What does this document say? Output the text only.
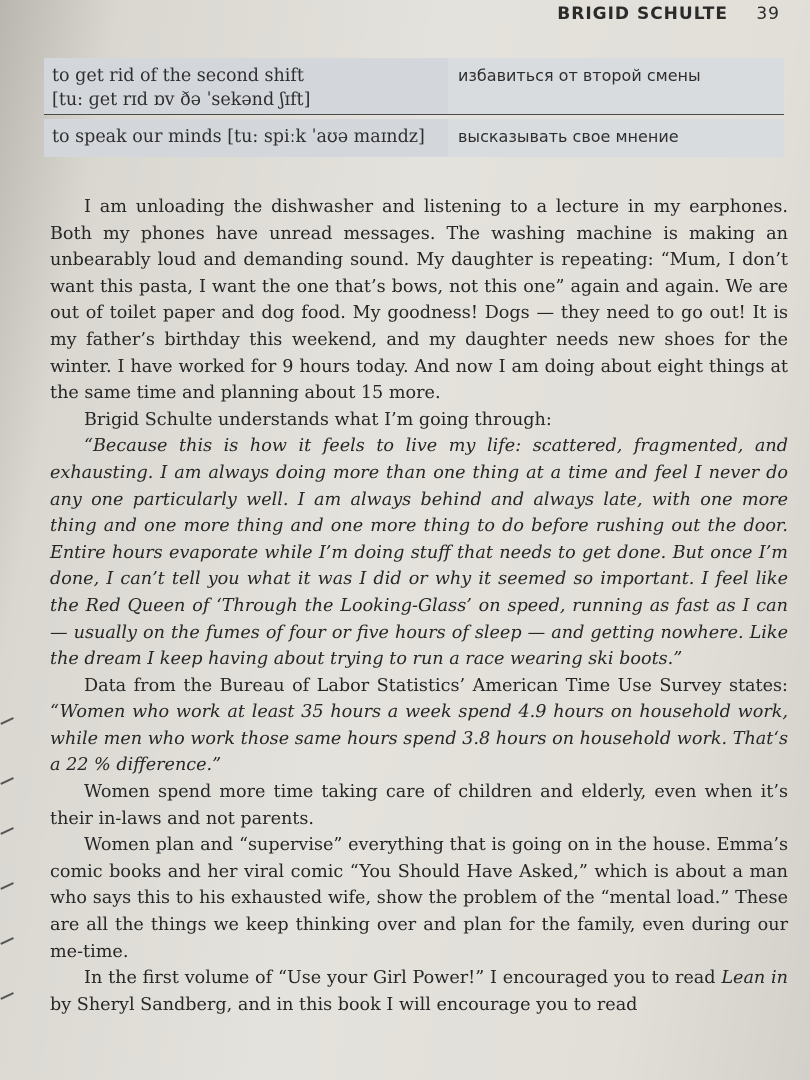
BRIGID SCHULTE 39
to get rid of the second shift
[tu: ɡet rɪd ɒv ðə ˈsekənd ʃɪft]
избавиться от второй смены
to speak our minds [tu: spiːk ˈaʊə maɪndz]	высказывать свое мнение

I am unloading the dishwasher and listening to a lecture in my earphones. Both my phones have unread messages. The washing machine is making an unbearably loud and demanding sound. My daughter is repeating: “Mum, I don’t want this pasta, I want the one that’s bows, not this one” again and again. We are out of toilet paper and dog food. My goodness! Dogs — they need to go out! It is my father’s birthday this weekend, and my daughter needs new shoes for the winter. I have worked for 9 hours today. And now I am doing about eight things at the same time and planning about 15 more.

Brigid Schulte understands what I’m going through:

“Because this is how it feels to live my life: scattered, fragmented, and exhausting. I am always doing more than one thing at a time and feel I never do any one particularly well. I am always behind and always late, with one more thing and one more thing and one more thing to do before rushing out the door. Entire hours evaporate while I’m doing stuff that needs to get done. But once I’m done, I can’t tell you what it was I did or why it seemed so important. I feel like the Red Queen of ‘Through the Looking-Glass’ on speed, running as fast as I can — usually on the fumes of four or five hours of sleep — and getting nowhere. Like the dream I keep having about trying to run a race wearing ski boots.”

Data from the Bureau of Labor Statistics’ American Time Use Survey states: “Women who work at least 35 hours a week spend 4.9 hours on household work, while men who work those same hours spend 3.8 hours on household work. That‘s a 22 % difference.”

Women spend more time taking care of children and elderly, even when it’s their in-laws and not parents.

Women plan and “supervise” everything that is going on in the house. Emma’s comic books and her viral comic “You Should Have Asked,” which is about a man who says this to his exhausted wife, show the problem of the “mental load.” These are all the things we keep thinking over and plan for the family, even during our me-time.

In the first volume of “Use your Girl Power!” I encouraged you to read Lean in by Sheryl Sandberg, and in this book I will encourage you to read
